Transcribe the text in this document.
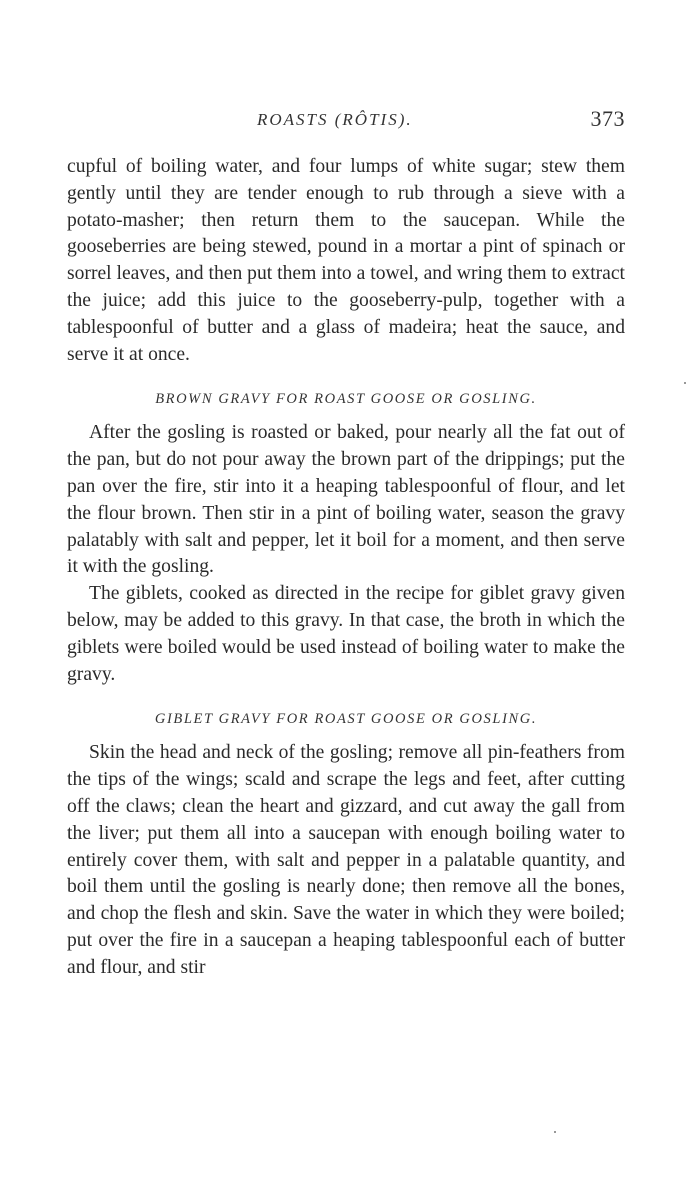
ROASTS (RÔTIS).	373

cupful of boiling water, and four lumps of white sugar; stew them gently until they are tender enough to rub through a sieve with a potato-masher; then return them to the saucepan. While the gooseberries are being stewed, pound in a mortar a pint of spinach or sorrel leaves, and then put them into a towel, and wring them to extract the juice; add this juice to the gooseberry-pulp, together with a tablespoonful of butter and a glass of madeira; heat the sauce, and serve it at once.

BROWN GRAVY FOR ROAST GOOSE OR GOSLING.

After the gosling is roasted or baked, pour nearly all the fat out of the pan, but do not pour away the brown part of the drippings; put the pan over the fire, stir into it a heaping tablespoonful of flour, and let the flour brown. Then stir in a pint of boiling water, season the gravy palatably with salt and pepper, let it boil for a moment, and then serve it with the gosling.

The giblets, cooked as directed in the recipe for giblet gravy given below, may be added to this gravy. In that case, the broth in which the giblets were boiled would be used instead of boiling water to make the gravy.

GIBLET GRAVY FOR ROAST GOOSE OR GOSLING.

Skin the head and neck of the gosling; remove all pin-feathers from the tips of the wings; scald and scrape the legs and feet, after cutting off the claws; clean the heart and gizzard, and cut away the gall from the liver; put them all into a saucepan with enough boiling water to entirely cover them, with salt and pepper in a palatable quantity, and boil them until the gosling is nearly done; then remove all the bones, and chop the flesh and skin. Save the water in which they were boiled; put over the fire in a saucepan a heaping tablespoonful each of butter and flour, and stir
